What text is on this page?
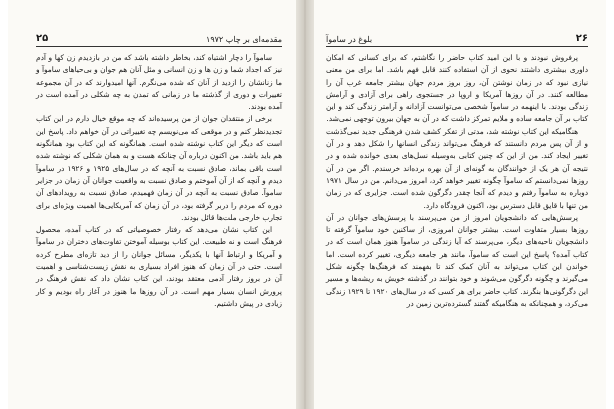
مقدمه‌ای بر چاپ ۱۹۷۲
۲۵

سامو‌آ را دچار اشتباه کند، بخاطر داشته باشد که‌ من در بازدیدم زن کها و آدم نیز که اجداد شما و زن ها و زن انسانی و مثل آنان هم جوان و بی‌حیاهای سامو‌آ و ما زنانشان را ازدید از آنان که شده می‌نگرم. آنها امیدوارند که در آن مجموعه تغییرات و دوری از گذشته ما در زمانی که تمدن به چه شکلی در آمده است در آمده بودند.

برخی از منتقدان جوان از من پرسیده‌اند که چه موقع خیال دارم در این کتاب تجدیدنظر کنم و در موقعی که می‌نویسم چه تغییراتی در آن خواهم داد. پاسخ این است که دیگر این کتاب نوشته شده است. همانگونه که این کتاب بود همانگونه هم باید باشد. من اکنون درباره آن چنانکه هست و به همان شکلی که نوشته شده است باقی بماند، صادق نسبت به آنچه که در سال‌های ۱۹۲۵ و ۱۹۲۶ در سامو‌آ دیدم و آنچه که از آن آموختم و صادق نسبت به واقعیت جوانان آن زمان در جزایر سامو‌آ. صادق نسبت به آنچه در آن زمان فهمیدم، صادق نسبت به رویدادهای آن دوره که مردم را دربر گرفته بود، در آن زمان که آمریکایی‌ها اهمیت ویژه‌ای برای تجارب خارجی ملت‌ها قائل بودند.

این کتاب نشان می‌دهد که رفتار خصوصیاتی که در کتاب آمده، محصول فرهنگ است و نه طبیعت. این کتاب بوسیله آموختن تفاوت‌های دختران در سامو‌آ و آمریکا و ارتباط آنها با یکدیگر، مسائل جوانان را از دید تازه‌ای مطرح کرده است. حتی در آن زمان که هنوز افراد بسیاری به نقش زیست‌شناسی و اهمیت آن در بروز رفتار آدمی معتقد بودند، این کتاب نشان داد که نقش فرهنگ در پرورش انسان بسیار مهم است. در آن روزها ما هنوز در آغاز راه بودیم و کار زیادی در پیش داشتیم.

۲۶
بلوغ در سامو‌آ

پرفروش نبودند و با این امید کتاب حاضر را نگاشتم، که برای کسانی که امکان داوری بیشتری داشتند نحوی از آن استفاده کنند قابل فهم باشد. اما برای من معنی نیازی نبود که در زمان نوشتن آن، روز بروز مردم جهان بیشتر جامعه غرب آن را مطالعه کنند. در آن روزها آمریکا و اروپا در جستجوی راهی برای آزادی و آرامش زندگی بودند. با اینهمه در سامو‌آ شخصی می‌توانست آزادانه و آرامتر زندگی کند و این کتاب بر آن جامعه ساده و ملایم تمرکز داشت که در آن به جهان بیرون توجهی نمی‌شد.

هنگامیکه این کتاب نوشته شد، مدتی از تفکر کشف شدن فرهنگی جدید نمی‌گذشت و از آن پس مردم دانستند که فرهنگ می‌تواند زندگی انسانها را شکل دهد و در آن تغییر ایجاد کند. من از این که چنین کتابی به‌وسیله نسل‌های بعدی خوانده شده و در نتیجه آن هر یک از خوانندگان به گونه‌ای از آن بهره برده‌اند خرسندم. اگر من در آن روزها نمی‌دانستم که سامو‌آ چگونه تغییر خواهد کرد، امروز می‌دانم. من در سال ۱۹۷۱ دوباره به سامو‌آ رفتم و دیدم که آنجا چقدر دگرگون شده است. جزایری که در زمان من تنها با قایق قابل دسترس بود، اکنون فرودگاه دارد.

پرسش‌هایی که دانشجویان امروز از من می‌پرسند با پرسش‌های جوانان در آن روزها بسیار متفاوت است. بیشتر جوانان امروزی، از ساکنین خود سامو‌آ گرفته تا دانشجویان ناحیه‌های دیگر، می‌پرسند که آیا زندگی در سامو‌آ هنوز همان است که در کتاب آمده؟ پاسخ این است که سامو‌آ، مانند هر جامعه دیگری، تغییر کرده است. اما خواندن این کتاب می‌تواند به آنان کمک کند تا بفهمند که فرهنگ‌ها چگونه شکل می‌گیرند و چگونه دگرگون می‌شوند و خود بتوانند در گذشته خویش به ریشه‌ها و مسیر این دگرگونی‌ها بنگرند. کتاب حاضر برای هر کسی که در سال‌های ۱۹۲۰ تا ۱۹۲۹ زندگی می‌کرد، و همچنانکه به هنگامیکه گفتند گسترده‌ترین زمین در
